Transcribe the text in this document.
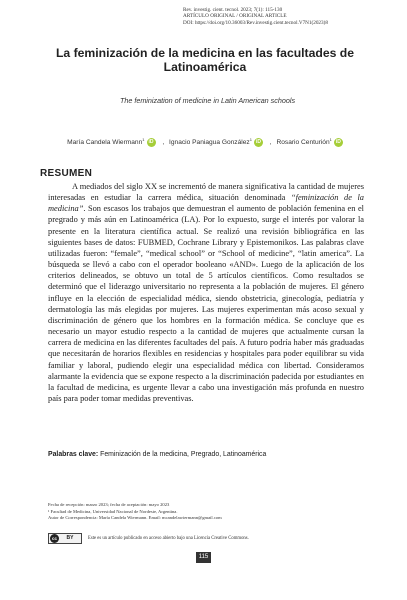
Rev. investig. cient. tecnol. 2023; 7(1): 115-130
ARTÍCULO ORIGINAL / ORIGINAL ARTICLE
DOI: https://doi.org/10.36003/Rev.investig.cient.tecnol.V7N1(2023)8
La feminización de la medicina en las facultades de Latinoamérica
The feminization of medicine in Latin American schools
María Candela Wiermann$^1$ iD , Ignacio Paniagua González$^1$ iD , Rosario Centurión$^1$ iD
RESUMEN

A mediados del siglo XX se incrementó de manera significativa la cantidad de mujeres interesadas en estudiar la carrera médica, situación denominada “feminización de la medicina”. Son escasos los trabajos que demuestran el aumento de población femenina en el pregrado y más aún en Latinoamérica (LA). Por lo expuesto, surge el interés por valorar la presente en la literatura científica actual. Se realizó una revisión bibliográfica en las siguientes bases de datos: FUBMED, Cochrane Library y Epistemonikos. Las palabras clave utilizadas fueron: “female”, “medical school” or “School of medicine”, “latin america”. La búsqueda se llevó a cabo con el operador booleano «AND». Luego de la aplicación de los criterios delineados, se obtuvo un total de 5 artículos científicos. Como resultados se determinó que el liderazgo universitario no representa a la población de mujeres. El género influye en la elección de especialidad médica, siendo obstetricia, ginecología, pediatría y dermatología las más elegidas por mujeres. Las mujeres experimentan más acoso sexual y discriminación de género que los hombres en la formación médica. Se concluye que es necesario un mayor estudio respecto a la cantidad de mujeres que actualmente cursan la carrera de medicina en las diferentes facultades del país. A futuro podría haber más graduadas que necesitarán de horarios flexibles en residencias y hospitales para poder equilibrar su vida familiar y laboral, pudiendo elegir una especialidad médica con libertad. Consideramos alarmante la evidencia que se expone respecto a la discriminación padecida por estudiantes en la facultad de medicina, es urgente llevar a cabo una investigación más profunda en nuestro país para poder tomar medidas preventivas.

Palabras clave: Feminización de la medicina, Pregrado, Latinoamérica
Fecha de recepción: marzo 2023; fecha de aceptación: mayo 2023
¹ Facultad de Medicina, Universidad Nacional de Nordeste, Argentina.
Autor de Correspondencia: María Candela Wiermann. Email: mcandelawiermann@gmail.com
cc	BY	Este es un artículo publicado en acceso abierto bajo una Licencia Creative Commons.
115
